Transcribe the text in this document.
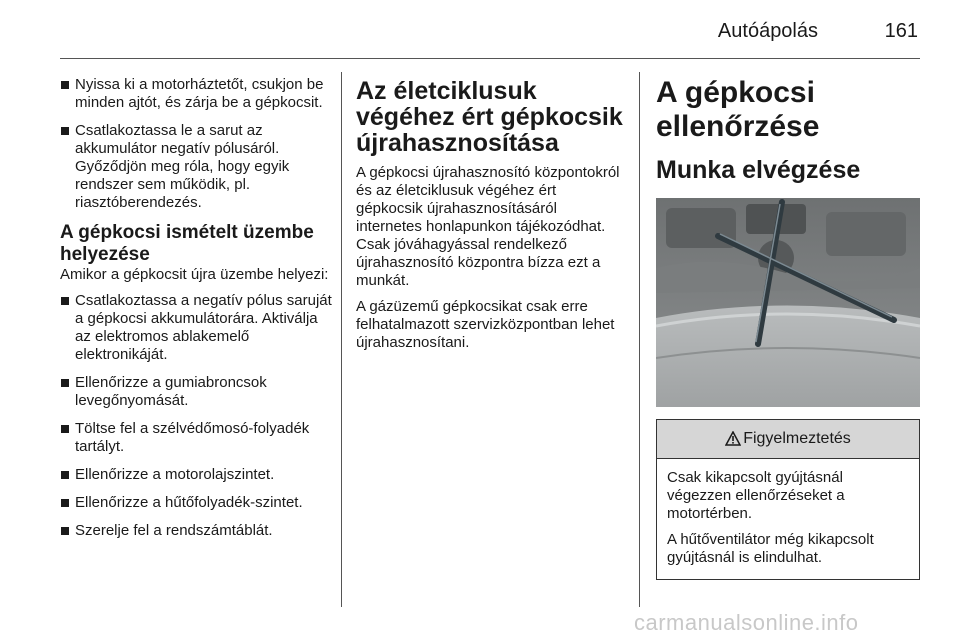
Autóápolás	161
Nyissa ki a motorháztetőt, csukjon be minden ajtót, és zárja be a gépkocsit.
Csatlakoztassa le a sarut az akkumulátor negatív pólusáról. Győződjön meg róla, hogy egyik rendszer sem működik, pl. riasztóberendezés.
A gépkocsi ismételt üzembe helyezése

Amikor a gépkocsit újra üzembe helyezi:

Csatlakoztassa a negatív pólus saruját a gépkocsi akkumulátorára. Aktiválja az elektromos ablakemelő elektronikáját.
Ellenőrizze a gumiabroncsok levegőnyomását.
Töltse fel a szélvédőmosó-folyadék tartályt.
Ellenőrizze a motorolajszintet.
Ellenőrizze a hűtőfolyadék-szintet.
Szerelje fel a rendszámtáblát.
Az életciklusuk végéhez ért gépkocsik újrahasznosítása

A gépkocsi újrahasznosító központokról és az életciklusuk végéhez ért gépkocsik újrahasznosításáról internetes honlapunkon tájékozódhat. Csak jóváhagyással rendelkező újrahasznosító központra bízza ezt a munkát.

A gázüzemű gépkocsikat csak erre felhatalmazott szervizközpontban lehet újrahasznosítani.

A gépkocsi ellenőrzése
Munka elvégzése
Figyelmeztetés

Csak kikapcsolt gyújtásnál végezzen ellenőrzéseket a motortérben.

A hűtőventilátor még kikapcsolt gyújtásnál is elindulhat.

carmanualsonline.info
